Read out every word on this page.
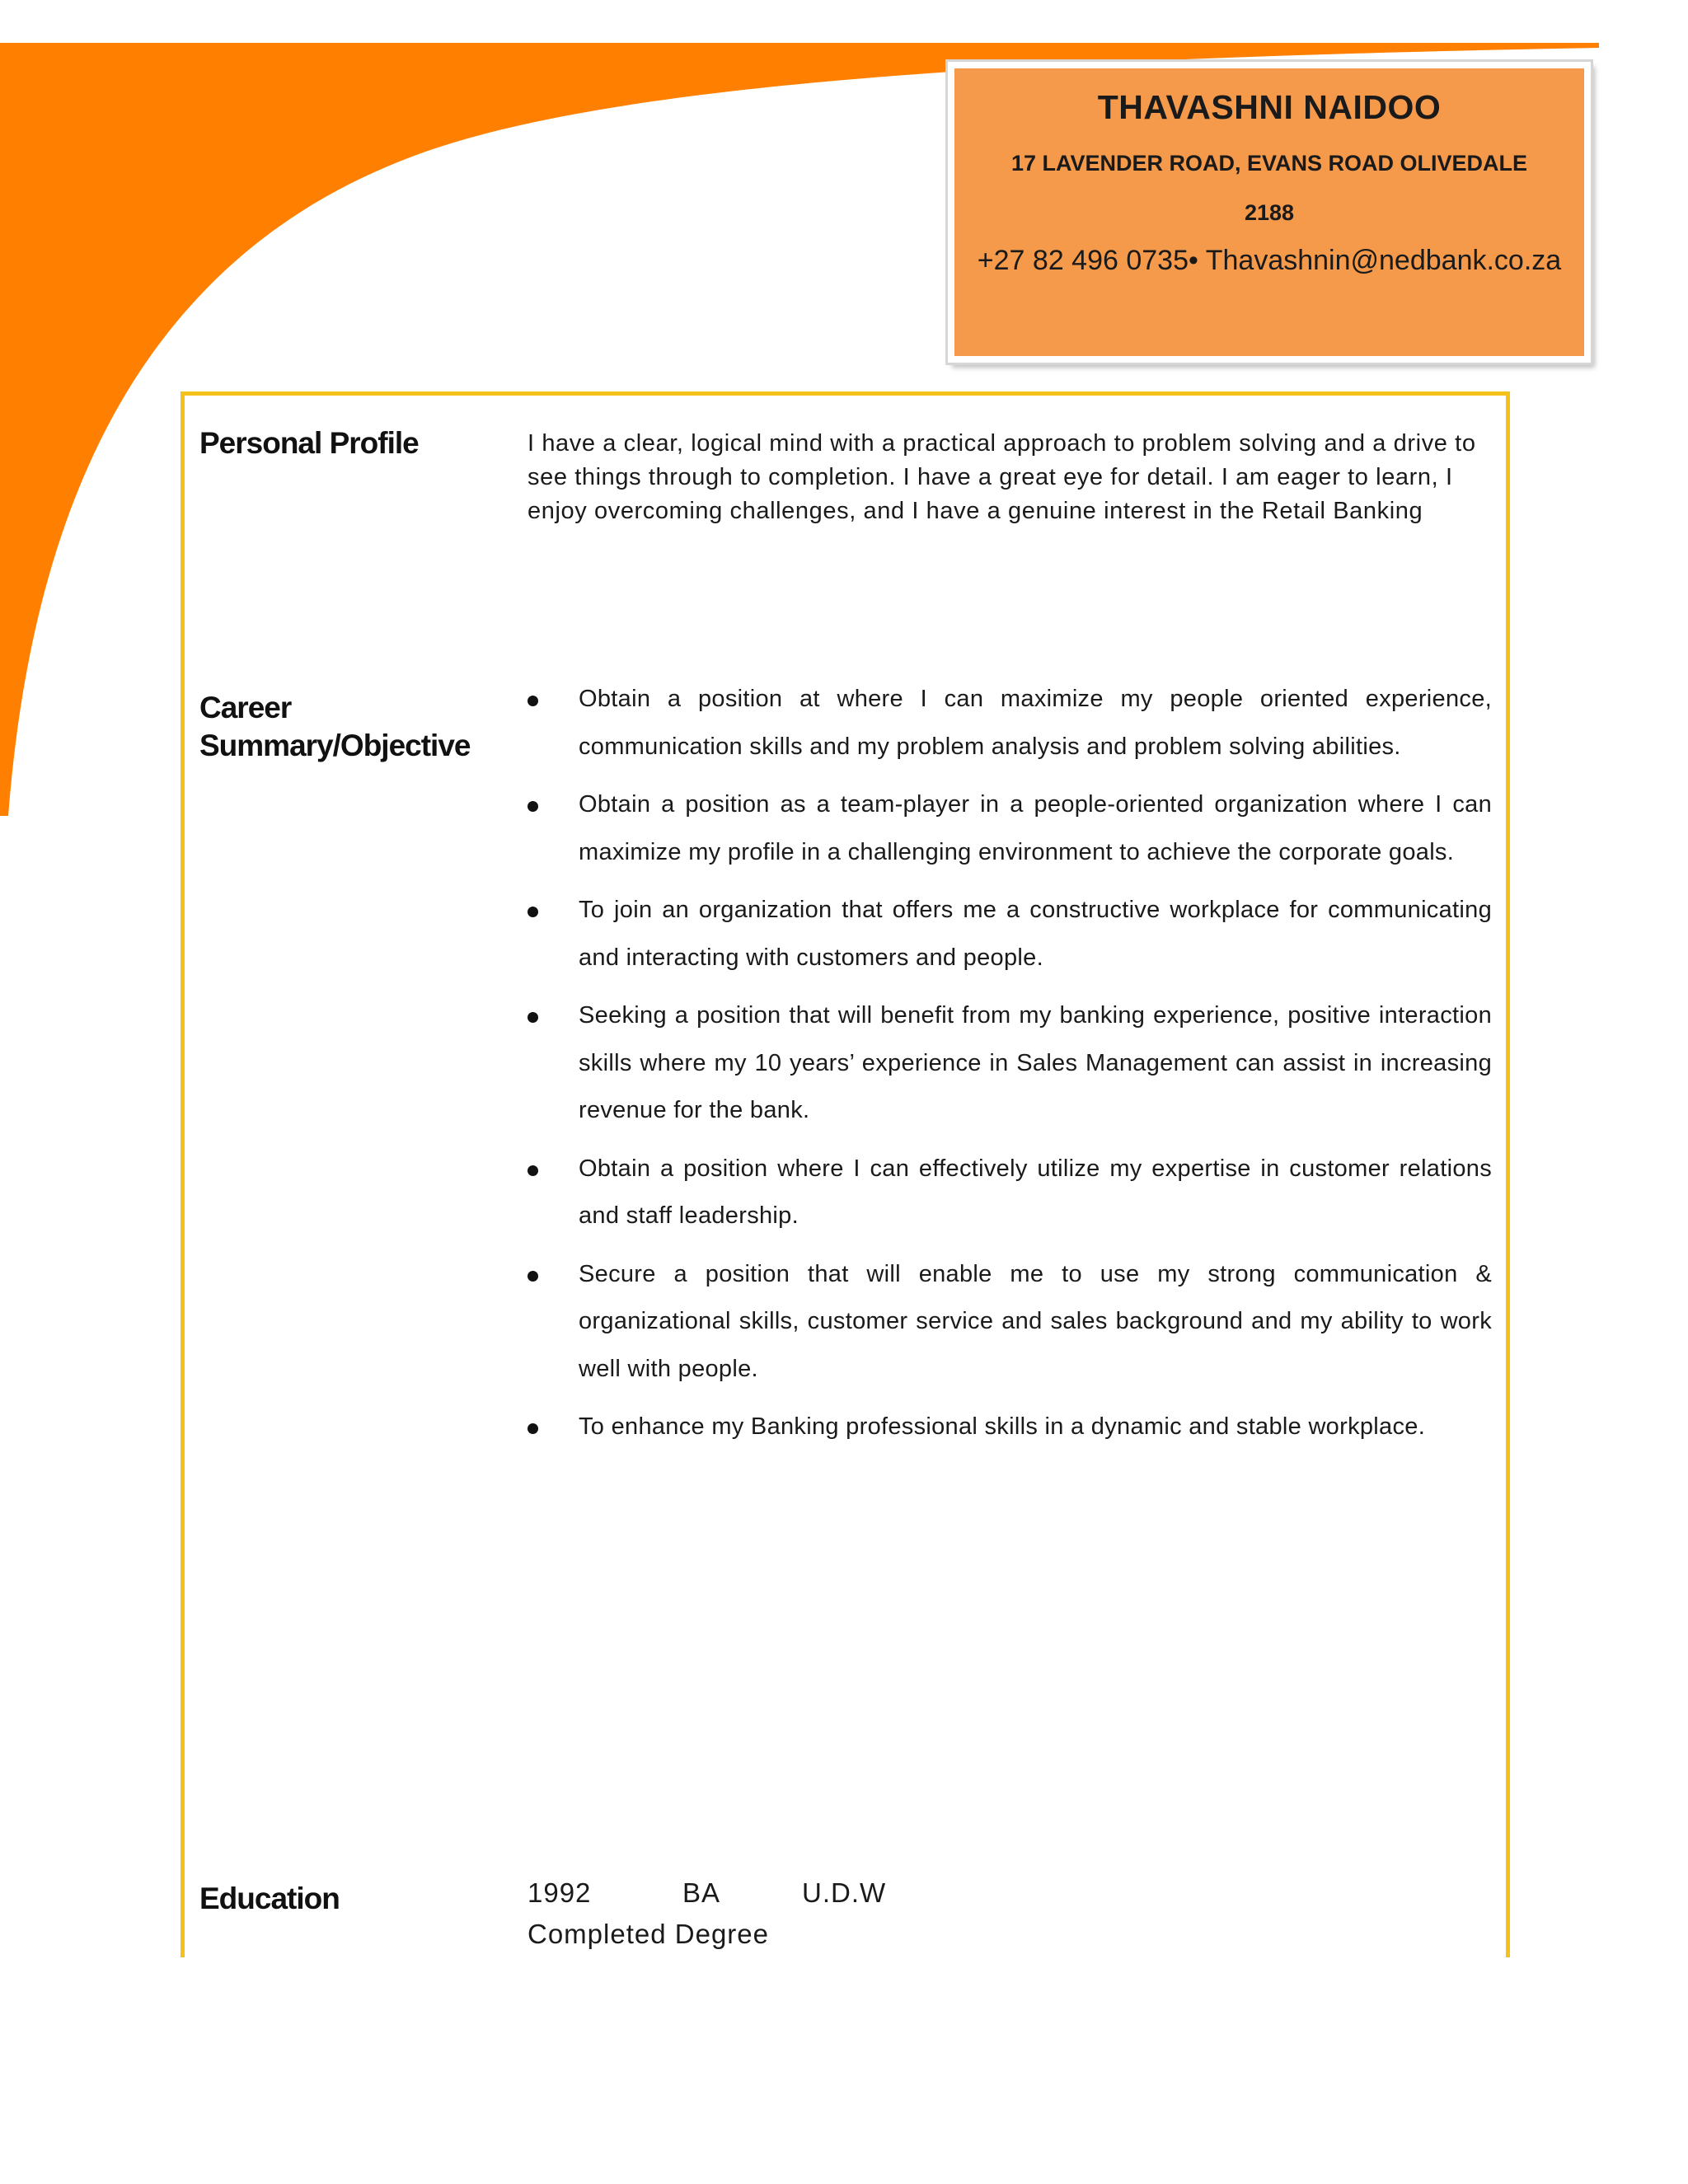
THAVASHNI NAIDOO
17 LAVENDER ROAD, EVANS ROAD OLIVEDALE
2188
+27 82 496 0735• Thavashnin@nedbank.co.za
Personal Profile	I have a clear, logical mind with a practical approach to problem solving and a drive to see things through to completion. I have a great eye for detail. I am eager to learn, I enjoy overcoming challenges, and I have a genuine interest in the Retail Banking
Career Summary/Objective
Obtain a position at where I can maximize my people oriented experience, communication skills and my problem analysis and problem solving abilities.
Obtain a position as a team-player in a people-oriented organization where I can maximize my profile in a challenging environment to achieve the corporate goals.
To join an organization that offers me a constructive workplace for communicating and interacting with customers and people.
Seeking a position that will benefit from my banking experience, positive interaction skills where my 10 years’ experience in Sales Management can assist in increasing revenue for the bank.
Obtain a position where I can effectively utilize my expertise in customer relations and staff leadership.
Secure a position that will enable me to use my strong communication & organizational skills, customer service and sales background and my ability to work well with people.
To enhance my Banking professional skills in a dynamic and stable workplace.
Education	1992	BA	U.D.W
Completed Degree
